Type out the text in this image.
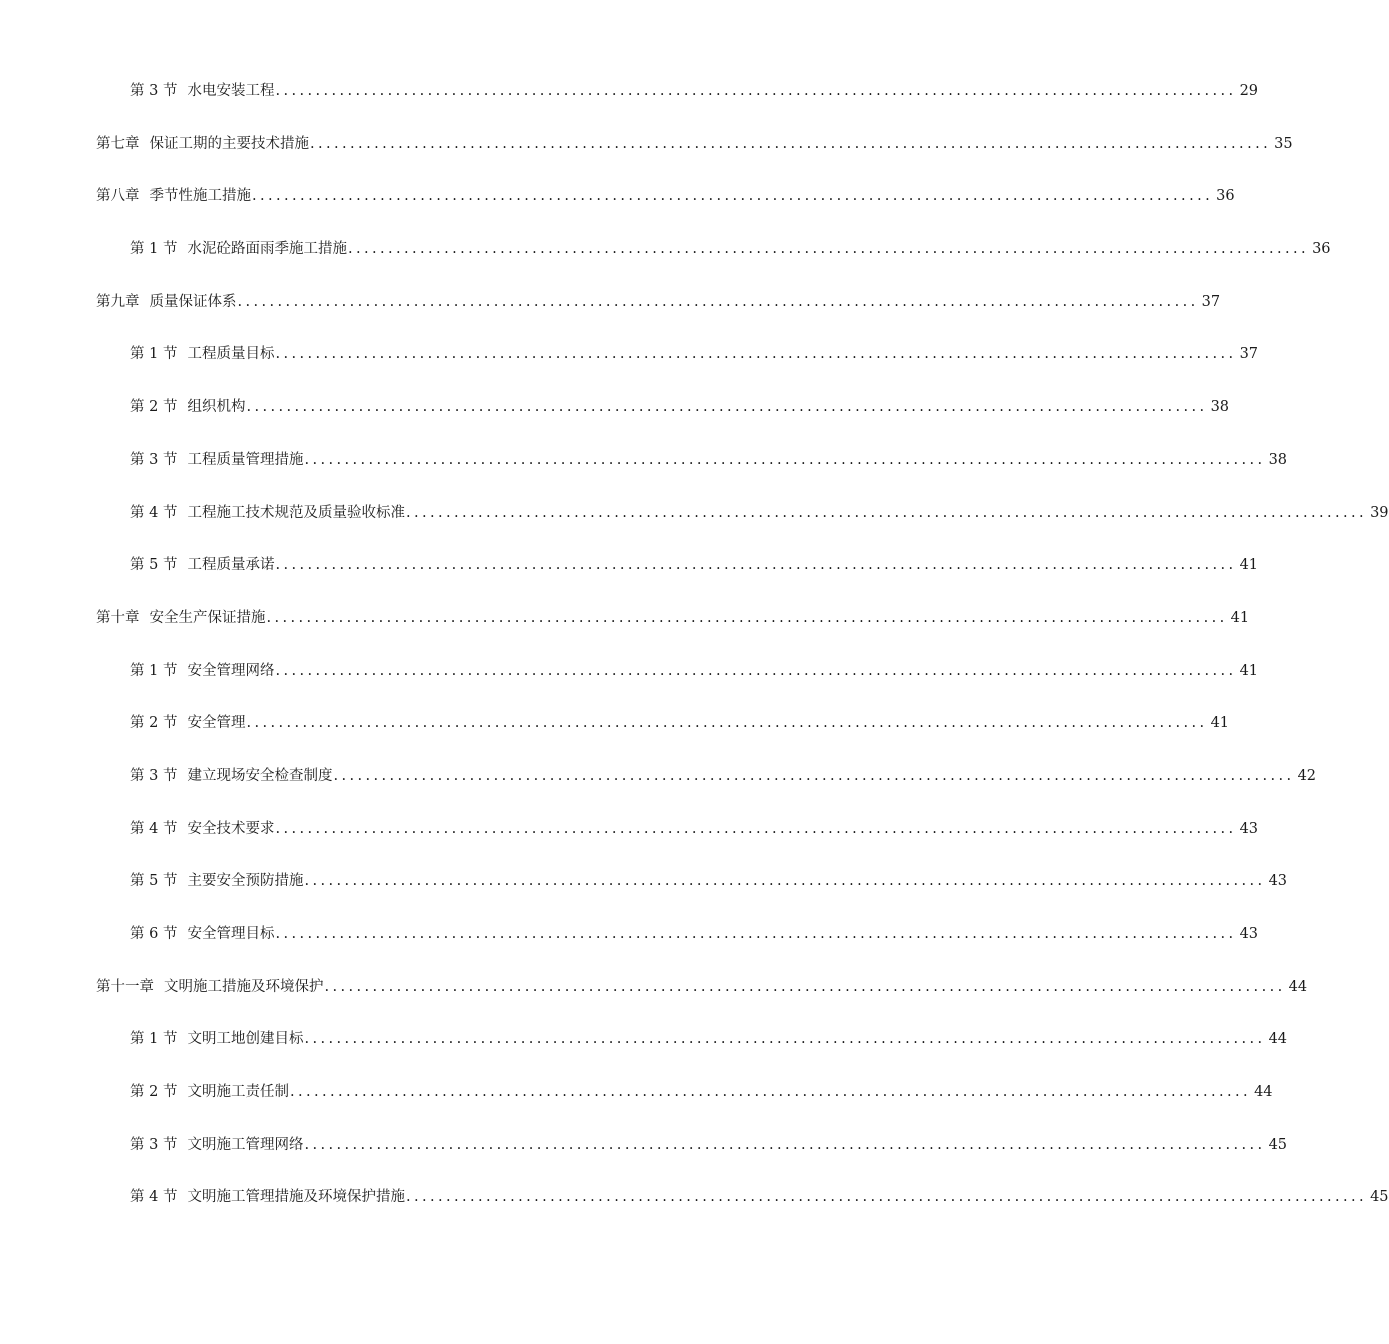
第 3 节 水电安装工程 ........................................................................................................................ 29
第七章 保证工期的主要技术措施 ........................................................................................................................ 35
第八章 季节性施工措施 ........................................................................................................................ 36
第 1 节 水泥砼路面雨季施工措施 ........................................................................................................................ 36
第九章 质量保证体系 ........................................................................................................................ 37
第 1 节 工程质量目标 ........................................................................................................................ 37
第 2 节 组织机构 ........................................................................................................................ 38
第 3 节 工程质量管理措施 ........................................................................................................................ 38
第 4 节 工程施工技术规范及质量验收标准 ........................................................................................................................ 39
第 5 节 工程质量承诺 ........................................................................................................................ 41
第十章 安全生产保证措施 ........................................................................................................................ 41
第 1 节 安全管理网络 ........................................................................................................................ 41
第 2 节 安全管理 ........................................................................................................................ 41
第 3 节 建立现场安全检查制度 ........................................................................................................................ 42
第 4 节 安全技术要求 ........................................................................................................................ 43
第 5 节 主要安全预防措施 ........................................................................................................................ 43
第 6 节 安全管理目标 ........................................................................................................................ 43
第十一章 文明施工措施及环境保护 ........................................................................................................................ 44
第 1 节 文明工地创建目标 ........................................................................................................................ 44
第 2 节 文明施工责任制 ........................................................................................................................ 44
第 3 节 文明施工管理网络 ........................................................................................................................ 45
第 4 节 文明施工管理措施及环境保护措施 ........................................................................................................................ 45
